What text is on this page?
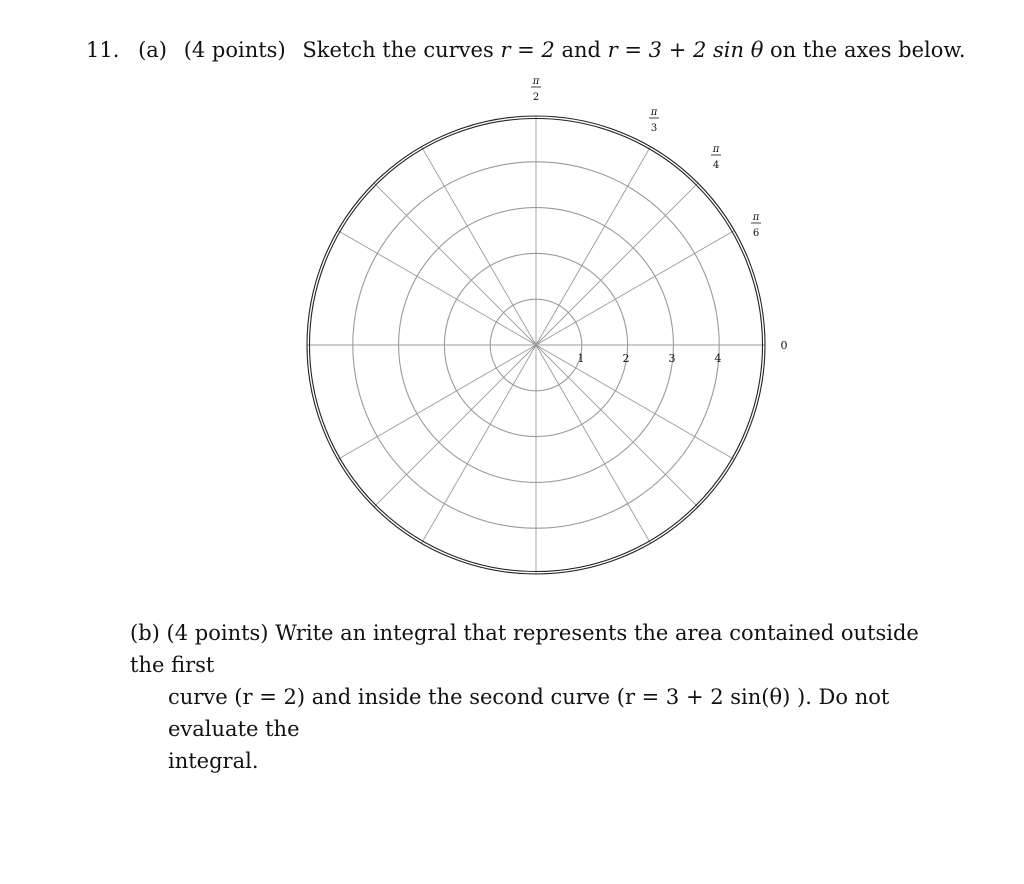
11. (a) (4 points) Sketch the curves r = 2 and r = 3 + 2 sin θ on the axes below.
1	2	3	4
0
π
6
π
4
π
3
π
2
(b) (4 points) Write an integral that represents the area contained outside the first
curve (r = 2) and inside the second curve (r = 3 + 2 sin(θ) ). Do not evaluate the
integral.
